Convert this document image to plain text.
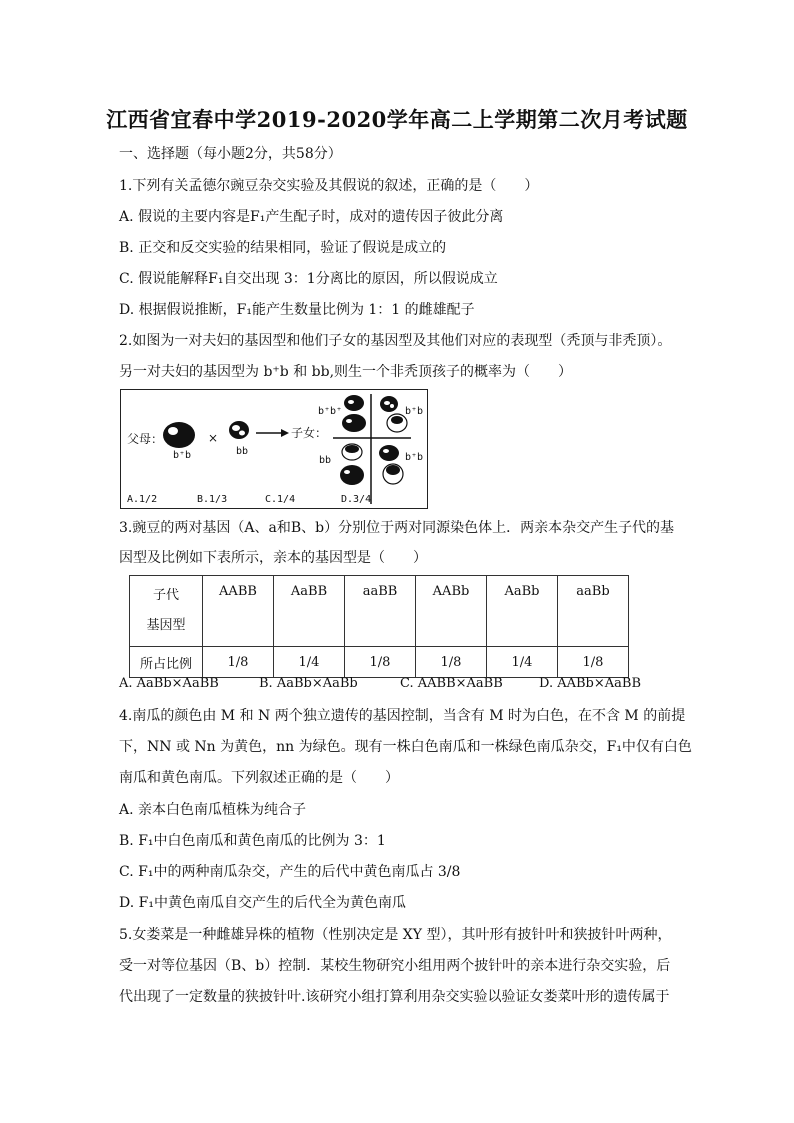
江西省宜春中学2019-2020学年高二上学期第二次月考试题
一、选择题（每小题2分，共58分）
1.下列有关孟德尔豌豆杂交实验及其假说的叙述，正确的是（　　）
A. 假说的主要内容是F₁产生配子时，成对的遗传因子彼此分离
B. 正交和反交实验的结果相同，验证了假说是成立的
C. 假说能解释F₁自交出现 3：1分离比的原因，所以假说成立
D. 根据假说推断，F₁能产生数量比例为 1：1 的雌雄配子
2.如图为一对夫妇的基因型和他们子女的基因型及其他们对应的表现型（秃顶与非秃顶）。
另一对夫妇的基因型为 b⁺b 和 bb,则生一个非秃顶孩子的概率为（　　）
父母：	×	子女：
b⁺b	bb
b⁺b⁺	b⁺b
bb	b⁺b
A.1/2	B.1/3	C.1/4	D.3/4
3.豌豆的两对基因（A、a和B、b）分别位于两对同源染色体上．两亲本杂交产生子代的基
因型及比例如下表所示，亲本的基因型是（　　）
子代
基因型	AABB	AaBB	aaBB	AABb	AaBb	aaBb
所占比例	1/8	1/4	1/8	1/8	1/4	1/8
A. AaBb×AaBB	B. AaBb×AaBb	C. AABB×AaBB	D. AABb×AaBB
4.南瓜的颜色由 M 和 N 两个独立遗传的基因控制，当含有 M 时为白色，在不含 M 的前提
下，NN 或 Nn 为黄色，nn 为绿色。现有一株白色南瓜和一株绿色南瓜杂交，F₁中仅有白色
南瓜和黄色南瓜。下列叙述正确的是（　　）
A. 亲本白色南瓜植株为纯合子
B. F₁中白色南瓜和黄色南瓜的比例为 3：1
C. F₁中的两种南瓜杂交，产生的后代中黄色南瓜占 3/8
D. F₁中黄色南瓜自交产生的后代全为黄色南瓜
5.女娄菜是一种雌雄异株的植物（性别决定是 XY 型），其叶形有披针叶和狭披针叶两种，
受一对等位基因（B、b）控制．某校生物研究小组用两个披针叶的亲本进行杂交实验，后
代出现了一定数量的狭披针叶.该研究小组打算利用杂交实验以验证女娄菜叶形的遗传属于
